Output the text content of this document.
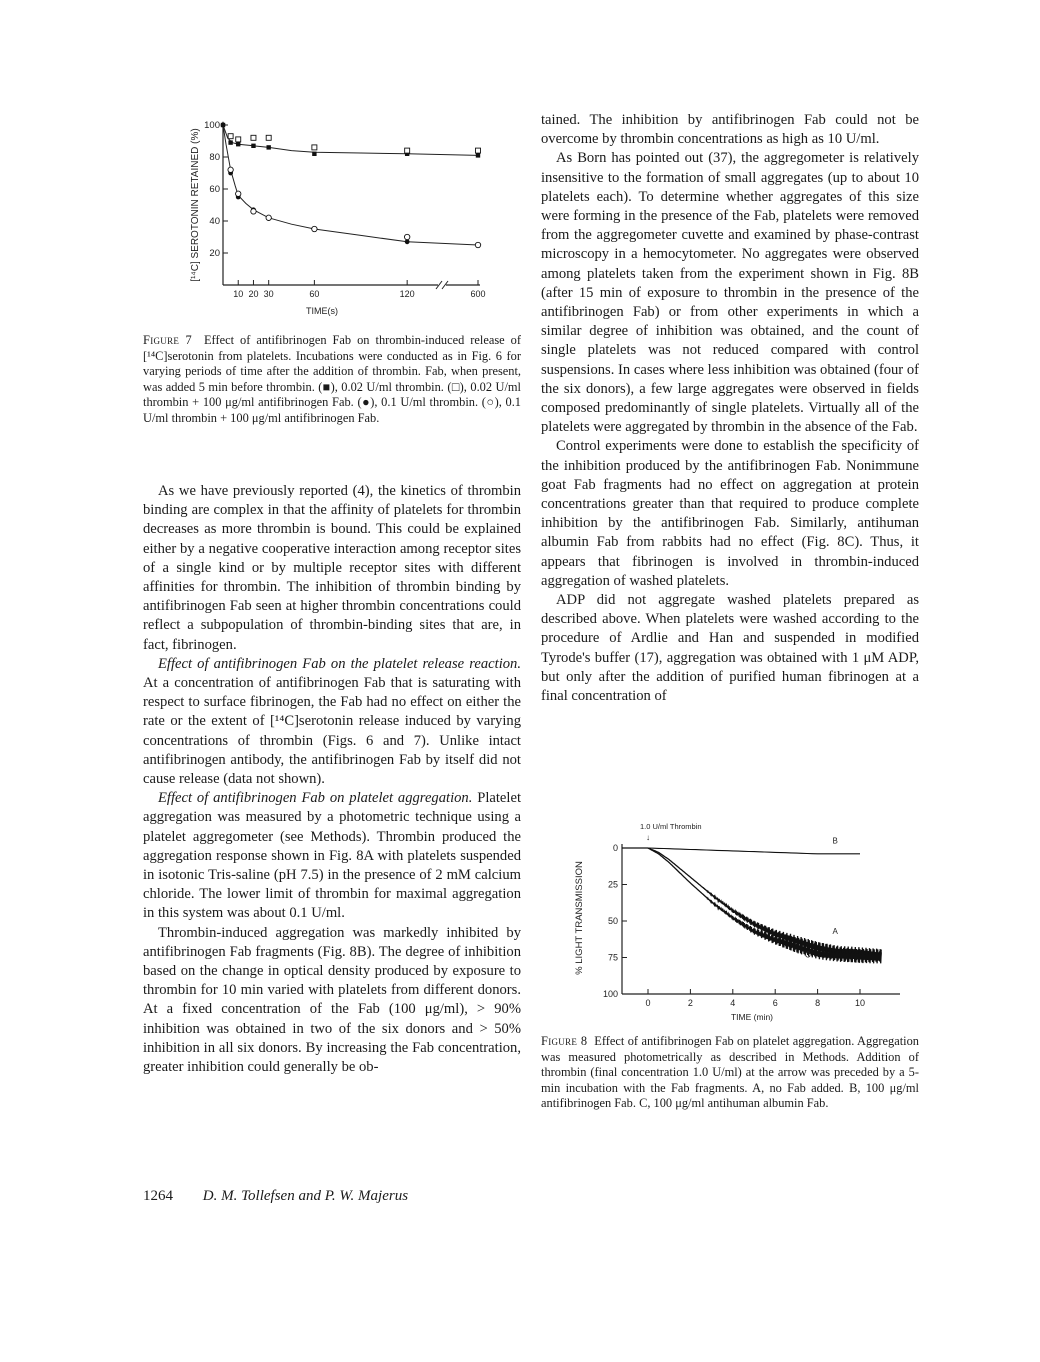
[¹⁴C] SEROTONIN RETAINED (%)
100
80
60
40
20
10 20 30	60	120	600
TIME(s)
Figure 7 Effect of antifibrinogen Fab on thrombin-induced release of [¹⁴C]serotonin from platelets. Incubations were conducted as in Fig. 6 for varying periods of time after the addition of thrombin. Fab, when present, was added 5 min before thrombin. (■), 0.02 U/ml thrombin. (□), 0.02 U/ml thrombin + 100 μg/ml antifibrinogen Fab. (●), 0.1 U/ml thrombin. (○), 0.1 U/ml thrombin + 100 μg/ml antifibrinogen Fab.

As we have previously reported (4), the kinetics of thrombin binding are complex in that the affinity of platelets for thrombin decreases as more thrombin is bound. This could be explained either by a negative cooperative interaction among receptor sites of a single kind or by multiple receptor sites with different affinities for thrombin. The inhibition of thrombin binding by antifibrinogen Fab seen at higher thrombin concentrations could reflect a subpopulation of thrombin-binding sites that are, in fact, fibrinogen.

Effect of antifibrinogen Fab on the platelet release reaction. At a concentration of antifibrinogen Fab that is saturating with respect to surface fibrinogen, the Fab had no effect on either the rate or the extent of [¹⁴C]serotonin release induced by varying concentrations of thrombin (Figs. 6 and 7). Unlike intact antifibrinogen antibody, the antifibrinogen Fab by itself did not cause release (data not shown).

Effect of antifibrinogen Fab on platelet aggregation. Platelet aggregation was measured by a photometric technique using a platelet aggregometer (see Methods). Thrombin produced the aggregation response shown in Fig. 8A with platelets suspended in isotonic Tris-saline (pH 7.5) in the presence of 2 mM calcium chloride. The lower limit of thrombin for maximal aggregation in this system was about 0.1 U/ml.

Thrombin-induced aggregation was markedly inhibited by antifibrinogen Fab fragments (Fig. 8B). The degree of inhibition based on the change in optical density produced by exposure to thrombin for 10 min varied with platelets from different donors. At a fixed concentration of the Fab (100 μg/ml), > 90% inhibition was obtained in two of the six donors and > 50% inhibition in all six donors. By increasing the Fab concentration, greater inhibition could generally be ob-

tained. The inhibition by antifibrinogen Fab could not be overcome by thrombin concentrations as high as 10 U/ml.

As Born has pointed out (37), the aggregometer is relatively insensitive to the formation of small aggregates (up to about 10 platelets each). To determine whether aggregates of this size were forming in the presence of the Fab, platelets were removed from the aggregometer cuvette and examined by phase-contrast microscopy in a hemocytometer. No aggregates were observed among platelets taken from the experiment shown in Fig. 8B (after 15 min of exposure to thrombin in the presence of the antifibrinogen Fab) or from other experiments in which a similar degree of inhibition was obtained, and the count of single platelets was not reduced compared with control suspensions. In cases where less inhibition was obtained (four of the six donors), a few large aggregates were observed in fields composed predominantly of single platelets. Virtually all of the platelets were aggregated by thrombin in the absence of the Fab.

Control experiments were done to establish the specificity of the inhibition produced by the antifibrinogen Fab. Nonimmune goat Fab fragments had no effect on aggregation at protein concentrations greater than that required to produce complete inhibition by the antifibrinogen Fab. Similarly, antihuman albumin Fab from rabbits had no effect (Fig. 8C). Thus, it appears that fibrinogen is involved in thrombin-induced aggregation of washed platelets.

ADP did not aggregate washed platelets prepared as described above. When platelets were washed according to the procedure of Ardlie and Han and suspended in modified Tyrode's buffer (17), aggregation was obtained with 1 μM ADP, but only after the addition of purified human fibrinogen at a final concentration of

1.0 U/ml Thrombin
↓
% LIGHT TRANSMISSION
0
25
50
75
100
0	2	4	6	8	10
A
B
C
TIME (min)
Figure 8 Effect of antifibrinogen Fab on platelet aggregation. Aggregation was measured photometrically as described in Methods. Addition of thrombin (final concentration 1.0 U/ml) at the arrow was preceded by a 5-min incubation with the Fab fragments. A, no Fab added. B, 100 μg/ml antifibrinogen Fab. C, 100 μg/ml antihuman albumin Fab.
1264 D. M. Tollefsen and P. W. Majerus
